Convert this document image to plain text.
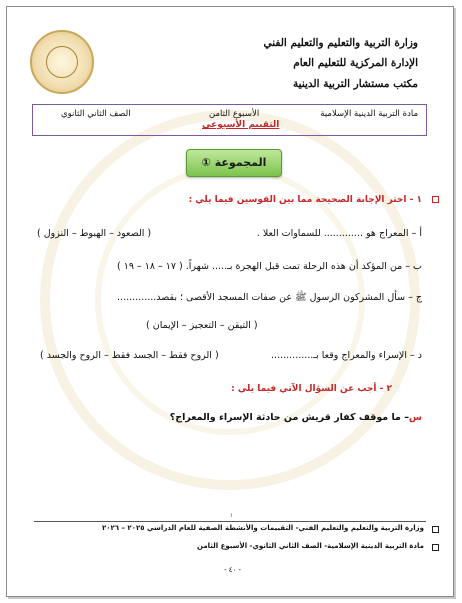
وزارة التربية والتعليم والتعليم الفني
الإدارة المركزية للتعليم العام
مكتب مستشار التربية الدينية
مادة التربية الدينية الإسلامية
الأسبوع الثامن
الصف الثاني الثانوي
التقييم الأسبوعي
المجموعة ①
١ - اختر الإجابة الصحيحة مما بين القوسين فيما يلي :
أ – المعراج هو ............. للسماوات العلا .
( الصعود – الهبوط – النزول )
ب – من المؤكد أن هذه الرحلة تمت قبل الهجرة بـ..... شهراً. ( ١٧ – ١٨ – ١٩ )
ج – سأل المشركون الرسول ﷺ عن صفات المسجد الأقصى ؛ بقصد.............
( التيقن – التعجيز – الإيمان )
د – الإسراء والمعراج وقعا بـ..............
( الروح فقط – الجسد فقط – الروح والجسد )
٢ - أجب عن السؤال الآتي فيما يلي :
س
– ما موقف كفار قريش من حادثة الإسراء والمعراج؟
١
وزارة التربية والتعليم والتعليم الفني- التقييمات والأنشطة الصفية للعام الدراسي ٢٠٢٥ – ٢٠٢٦
مادة التربية الدينية الإسلامية- الصف الثاني الثانوي- الأسبوع الثامن
- ٤٠ -
